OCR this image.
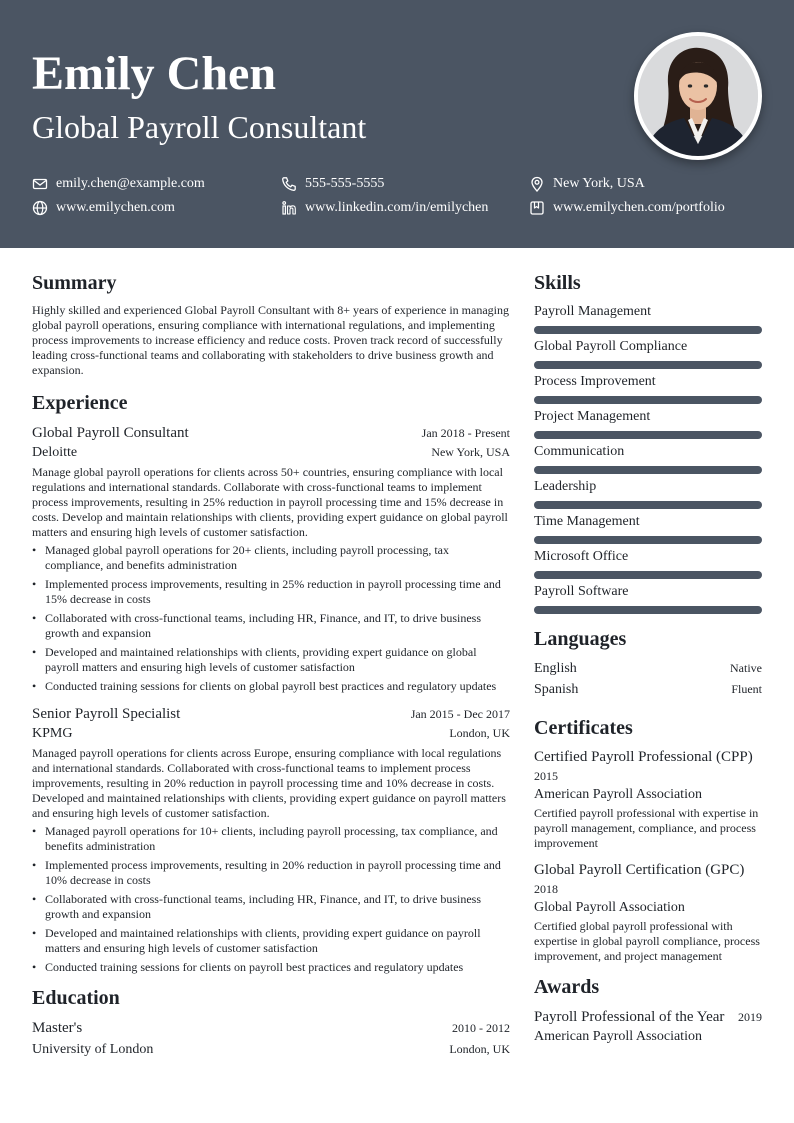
Emily Chen
Global Payroll Consultant
emily.chen@example.com	555-555-5555	New York, USA
www.emilychen.com	www.linkedin.com/in/emilychen	www.emilychen.com/portfolio
Summary
Highly skilled and experienced Global Payroll Consultant with 8+ years of experience in managing global payroll operations, ensuring compliance with international regulations, and implementing process improvements to increase efficiency and reduce costs. Proven track record of successfully leading cross-functional teams and collaborating with stakeholders to drive business growth and expansion.
Experience
Global Payroll Consultant	Jan 2018 - Present
Deloitte	New York, USA
Manage global payroll operations for clients across 50+ countries, ensuring compliance with local regulations and international standards. Collaborate with cross-functional teams to implement process improvements, resulting in 25% reduction in payroll processing time and 15% decrease in costs. Develop and maintain relationships with clients, providing expert guidance on global payroll matters and ensuring high levels of customer satisfaction.
• Managed global payroll operations for 20+ clients, including payroll processing, tax compliance, and benefits administration
• Implemented process improvements, resulting in 25% reduction in payroll processing time and 15% decrease in costs
• Collaborated with cross-functional teams, including HR, Finance, and IT, to drive business growth and expansion
• Developed and maintained relationships with clients, providing expert guidance on global payroll matters and ensuring high levels of customer satisfaction
• Conducted training sessions for clients on global payroll best practices and regulatory updates
Senior Payroll Specialist	Jan 2015 - Dec 2017
KPMG	London, UK
Managed payroll operations for clients across Europe, ensuring compliance with local regulations and international standards. Collaborated with cross-functional teams to implement process improvements, resulting in 20% reduction in payroll processing time and 10% decrease in costs. Developed and maintained relationships with clients, providing expert guidance on payroll matters and ensuring high levels of customer satisfaction.
• Managed payroll operations for 10+ clients, including payroll processing, tax compliance, and benefits administration
• Implemented process improvements, resulting in 20% reduction in payroll processing time and 10% decrease in costs
• Collaborated with cross-functional teams, including HR, Finance, and IT, to drive business growth and expansion
• Developed and maintained relationships with clients, providing expert guidance on payroll matters and ensuring high levels of customer satisfaction
• Conducted training sessions for clients on payroll best practices and regulatory updates
Education
Master's	2010 - 2012
University of London	London, UK
Skills
Payroll Management
Global Payroll Compliance
Process Improvement
Project Management
Communication
Leadership
Time Management
Microsoft Office
Payroll Software
Languages
English	Native
Spanish	Fluent
Certificates
Certified Payroll Professional (CPP)
2015
American Payroll Association
Certified payroll professional with expertise in payroll management, compliance, and process improvement
Global Payroll Certification (GPC)
2018
Global Payroll Association
Certified global payroll professional with expertise in global payroll compliance, process improvement, and project management
Awards
Payroll Professional of the Year 2019
American Payroll Association
